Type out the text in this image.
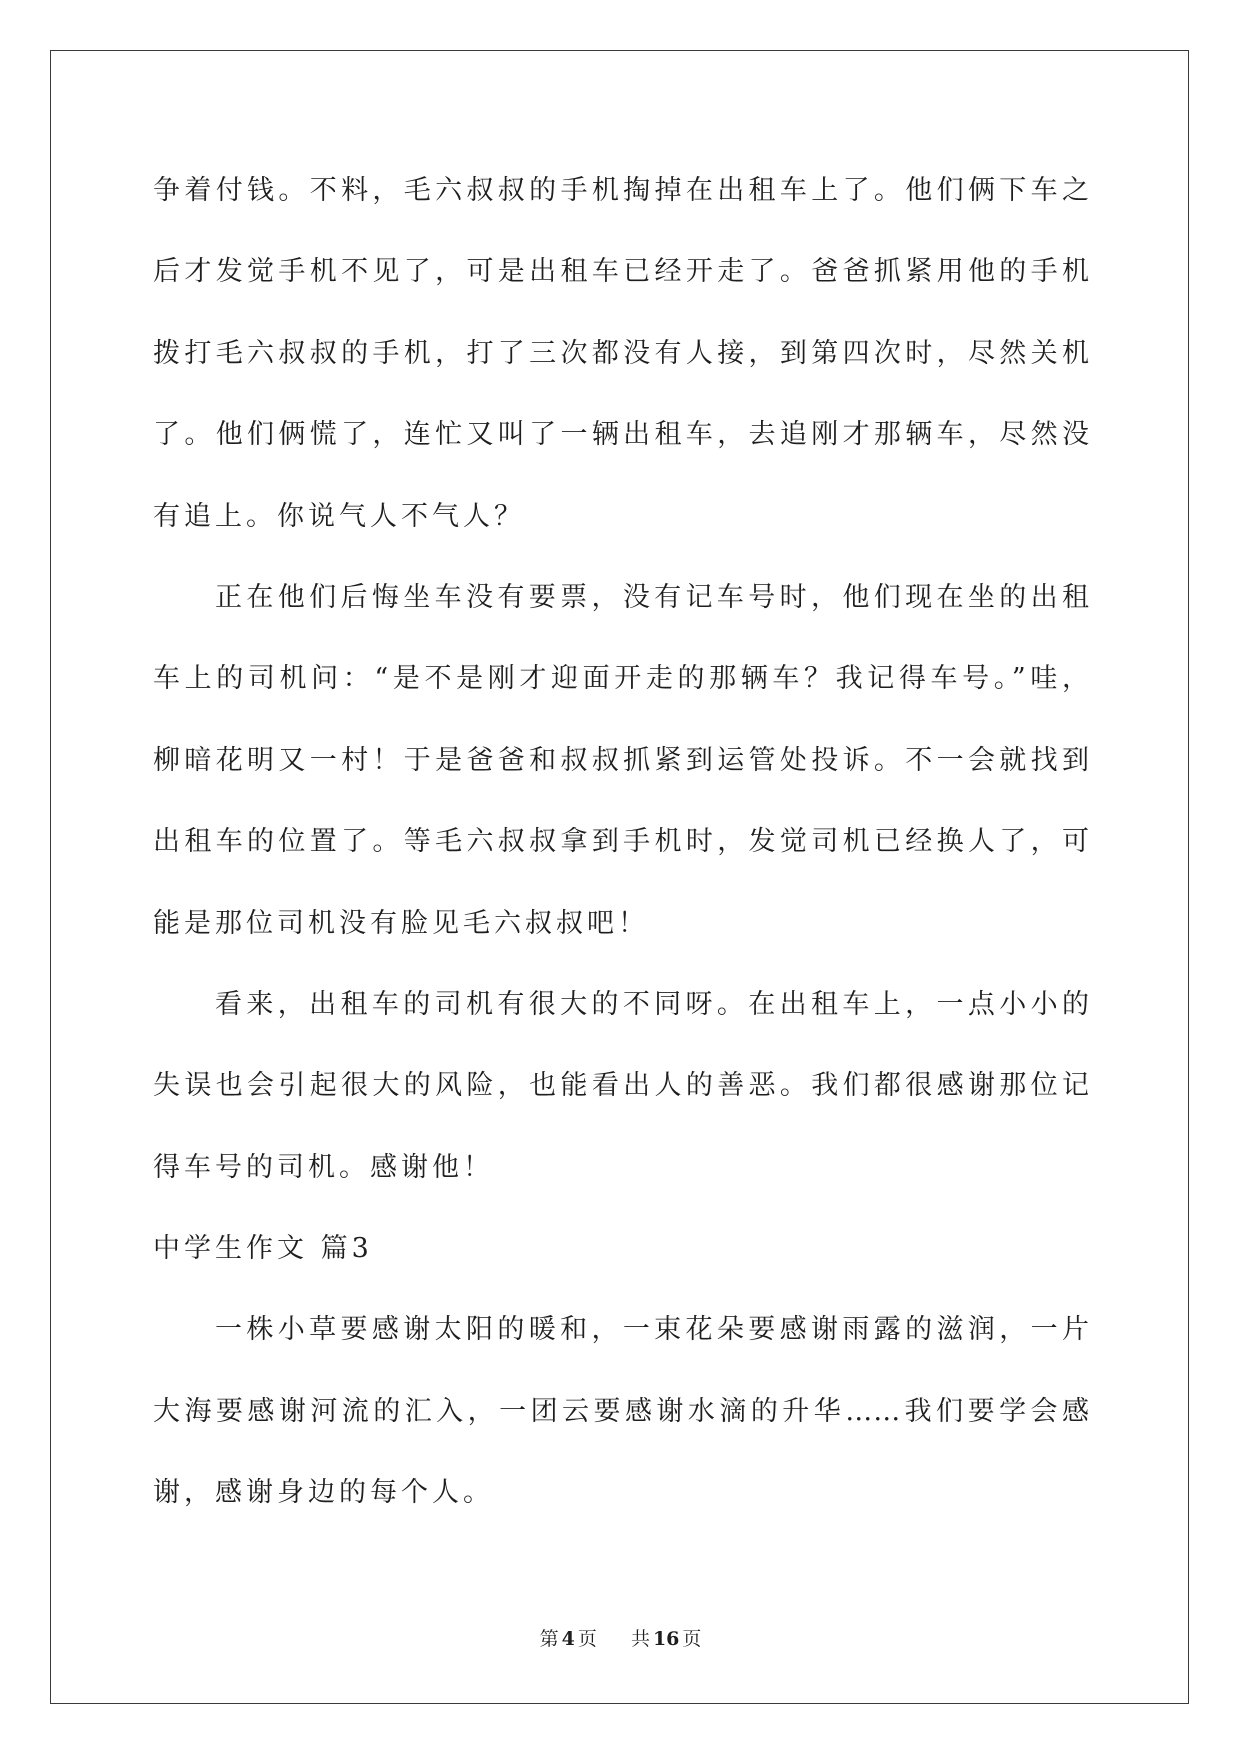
争着付钱。不料，毛六叔叔的手机掏掉在出租车上了。他们俩下车之
后才发觉手机不见了，可是出租车已经开走了。爸爸抓紧用他的手机
拨打毛六叔叔的手机，打了三次都没有人接，到第四次时，尽然关机
了。他们俩慌了，连忙又叫了一辆出租车，去追刚才那辆车，尽然没
有追上。你说气人不气人？
正在他们后悔坐车没有要票，没有记车号时，他们现在坐的出租
车上的司机问：“是不是刚才迎面开走的那辆车？我记得车号。”哇，
柳暗花明又一村！于是爸爸和叔叔抓紧到运管处投诉。不一会就找到
出租车的位置了。等毛六叔叔拿到手机时，发觉司机已经换人了，可
能是那位司机没有脸见毛六叔叔吧！
看来，出租车的司机有很大的不同呀。在出租车上，一点小小的
失误也会引起很大的风险，也能看出人的善恶。我们都很感谢那位记
得车号的司机。感谢他！
中学生作文 篇3
一株小草要感谢太阳的暖和，一束花朵要感谢雨露的滋润，一片
大海要感谢河流的汇入，一团云要感谢水滴的升华……我们要学会感
谢，感谢身边的每个人。
第 4 页 共 16 页
